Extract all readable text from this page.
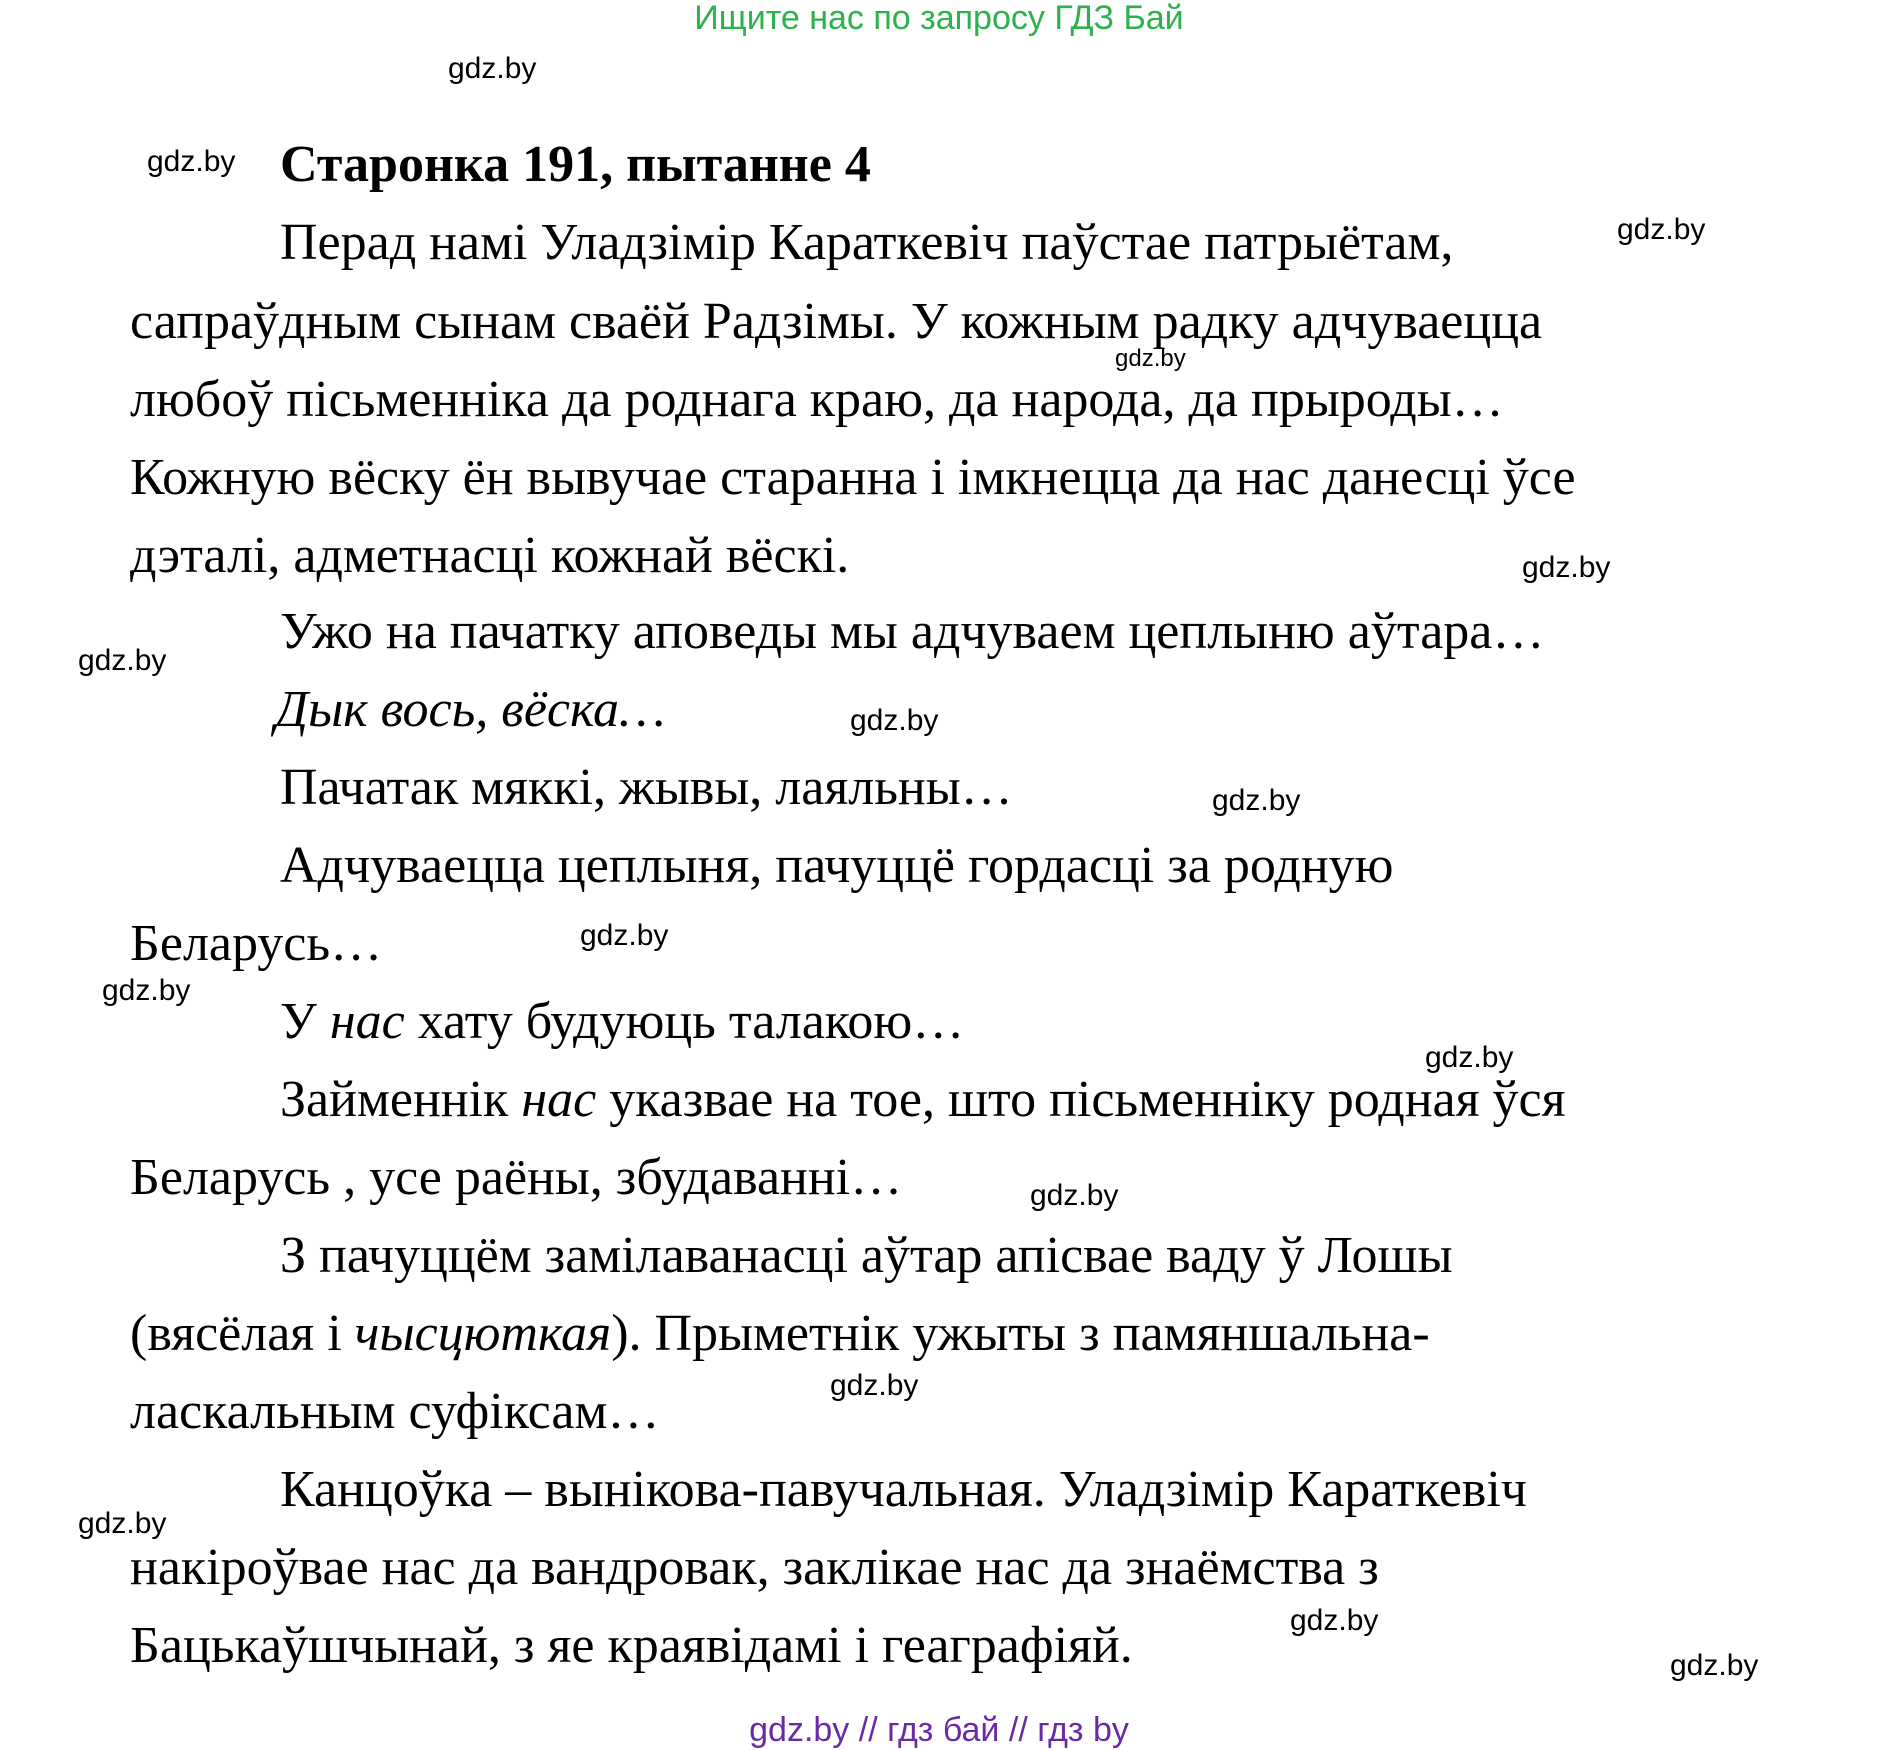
Ищите нас по запросу ГДЗ Бай
gdz.by
gdz.by Старонка 191, пытанне 4
Перад намі Уладзімір Караткевіч паўстае патрыётам,	gdz.by
сапраўдным сынам сваёй Радзімы. У кожным радку адчуваецца
gdz.by
любоў пісьменніка да роднага краю, да народа, да прыроды…
Кожную вёску ён вывучае старанна і імкнецца да нас данесці ўсе
дэталі, адметнасці кожнай вёскі.	gdz.by
Ужо на пачатку аповеды мы адчуваем цеплыню аўтара…
gdz.by
Дык вось, вёска…	gdz.by
Пачатак мяккі, жывы, лаяльны…	gdz.by
Адчуваецца цеплыня, пачуццё гордасці за родную
Беларусь…	gdz.by
gdz.by
У нас хату будуюць талакою…
gdz.by
Займеннік нас указвае на тое, што пісьменніку родная ўся
Беларусь , усе раёны, збудаванні…	gdz.by
З пачуццём замілаванасці аўтар апісвае ваду ў Лошы
(вясёлая і чысцюткая). Прыметнік ужыты з памяншальна-
ласкальным суфіксам…	gdz.by
Канцоўка – вынікова-павучальная. Уладзімір Караткевіч
gdz.by
накіроўвае нас да вандровак, заклікае нас да знаёмства з
Бацькаўшчынай, з яе краявідамі і геаграфіяй.	gdz.by
gdz.by
gdz.by // гдз бай // гдз by
